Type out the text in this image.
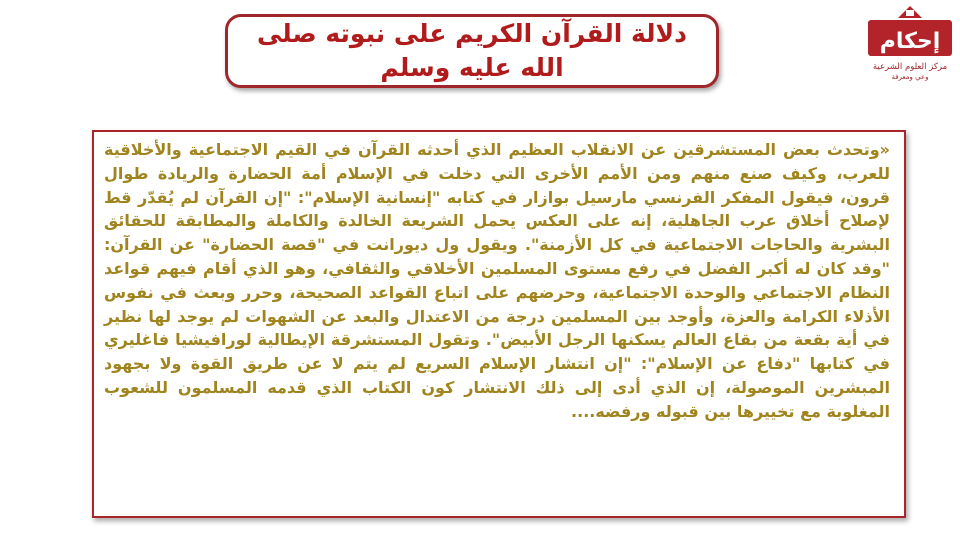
دلالة القرآن الكريم على نبوته صلى الله عليه وسلم
إحكام
مركز العلوم الشرعية
وعي ومعرفة

«وتحدث بعض المستشرقين عن الانقلاب العظيم الذي أحدثه القرآن في القيم الاجتماعية والأخلاقية للعرب، وكيف صنع منهم ومن الأمم الأخرى التي دخلت في الإسلام أمة الحضارة والريادة طوال قرون، فيقول المفكر الفرنسي مارسيل بوازار في كتابه "إنسانية الإسلام": "إن القرآن لم يُقدّر قط لإصلاح أخلاق عرب الجاهلية، إنه على العكس يحمل الشريعة الخالدة والكاملة والمطابقة للحقائق البشرية والحاجات الاجتماعية في كل الأزمنة". ويقول ول ديورانت في "قصة الحضارة" عن القرآن: "وقد كان له أكبر الفضل في رفع مستوى المسلمين الأخلاقي والثقافي، وهو الذي أقام فيهم قواعد النظام الاجتماعي والوحدة الاجتماعية، وحرضهم على اتباع القواعد الصحيحة، وحرر وبعث في نفوس الأذلاء الكرامة والعزة، وأوجد بين المسلمين درجة من الاعتدال والبعد عن الشهوات لم يوجد لها نظير في أية بقعة من بقاع العالم يسكنها الرجل الأبيض". وتقول المستشرقة الإيطالية لورافيشيا فاغليري في كتابها "دفاع عن الإسلام": "إن انتشار الإسلام السريع لم يتم لا عن طريق القوة ولا بجهود المبشرين الموصولة، إن الذي أدى إلى ذلك الانتشار كون الكتاب الذي قدمه المسلمون للشعوب المغلوبة مع تخييرها بين قبوله ورفضه....
